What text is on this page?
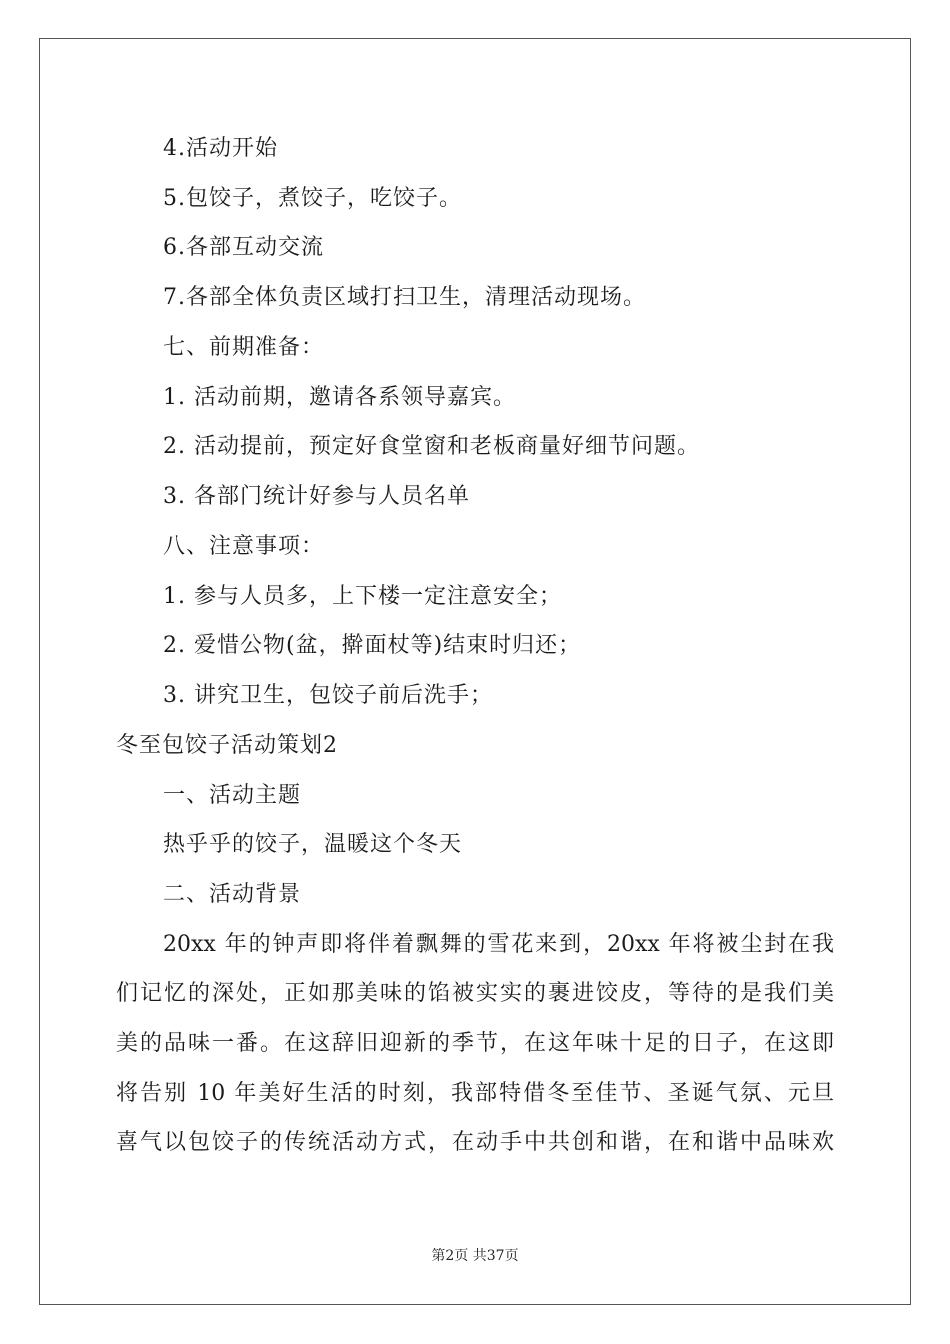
4.活动开始
5.包饺子，煮饺子，吃饺子。
6.各部互动交流
7.各部全体负责区域打扫卫生，清理活动现场。
七、前期准备：
1. 活动前期，邀请各系领导嘉宾。
2. 活动提前，预定好食堂窗和老板商量好细节问题。
3. 各部门统计好参与人员名单
八、注意事项：
1. 参与人员多，上下楼一定注意安全；
2. 爱惜公物(盆，擀面杖等)结束时归还；
3. 讲究卫生，包饺子前后洗手；
冬至包饺子活动策划2
一、活动主题
热乎乎的饺子，温暖这个冬天
二、活动背景
20xx 年的钟声即将伴着飘舞的雪花来到，20xx 年将被尘封在我
们记忆的深处，正如那美味的馅被实实的裹进饺皮，等待的是我们美
美的品味一番。在这辞旧迎新的季节，在这年味十足的日子，在这即
将告别 10 年美好生活的时刻，我部特借冬至佳节、圣诞气氛、元旦
喜气以包饺子的传统活动方式，在动手中共创和谐，在和谐中品味欢
第2页 共37页
